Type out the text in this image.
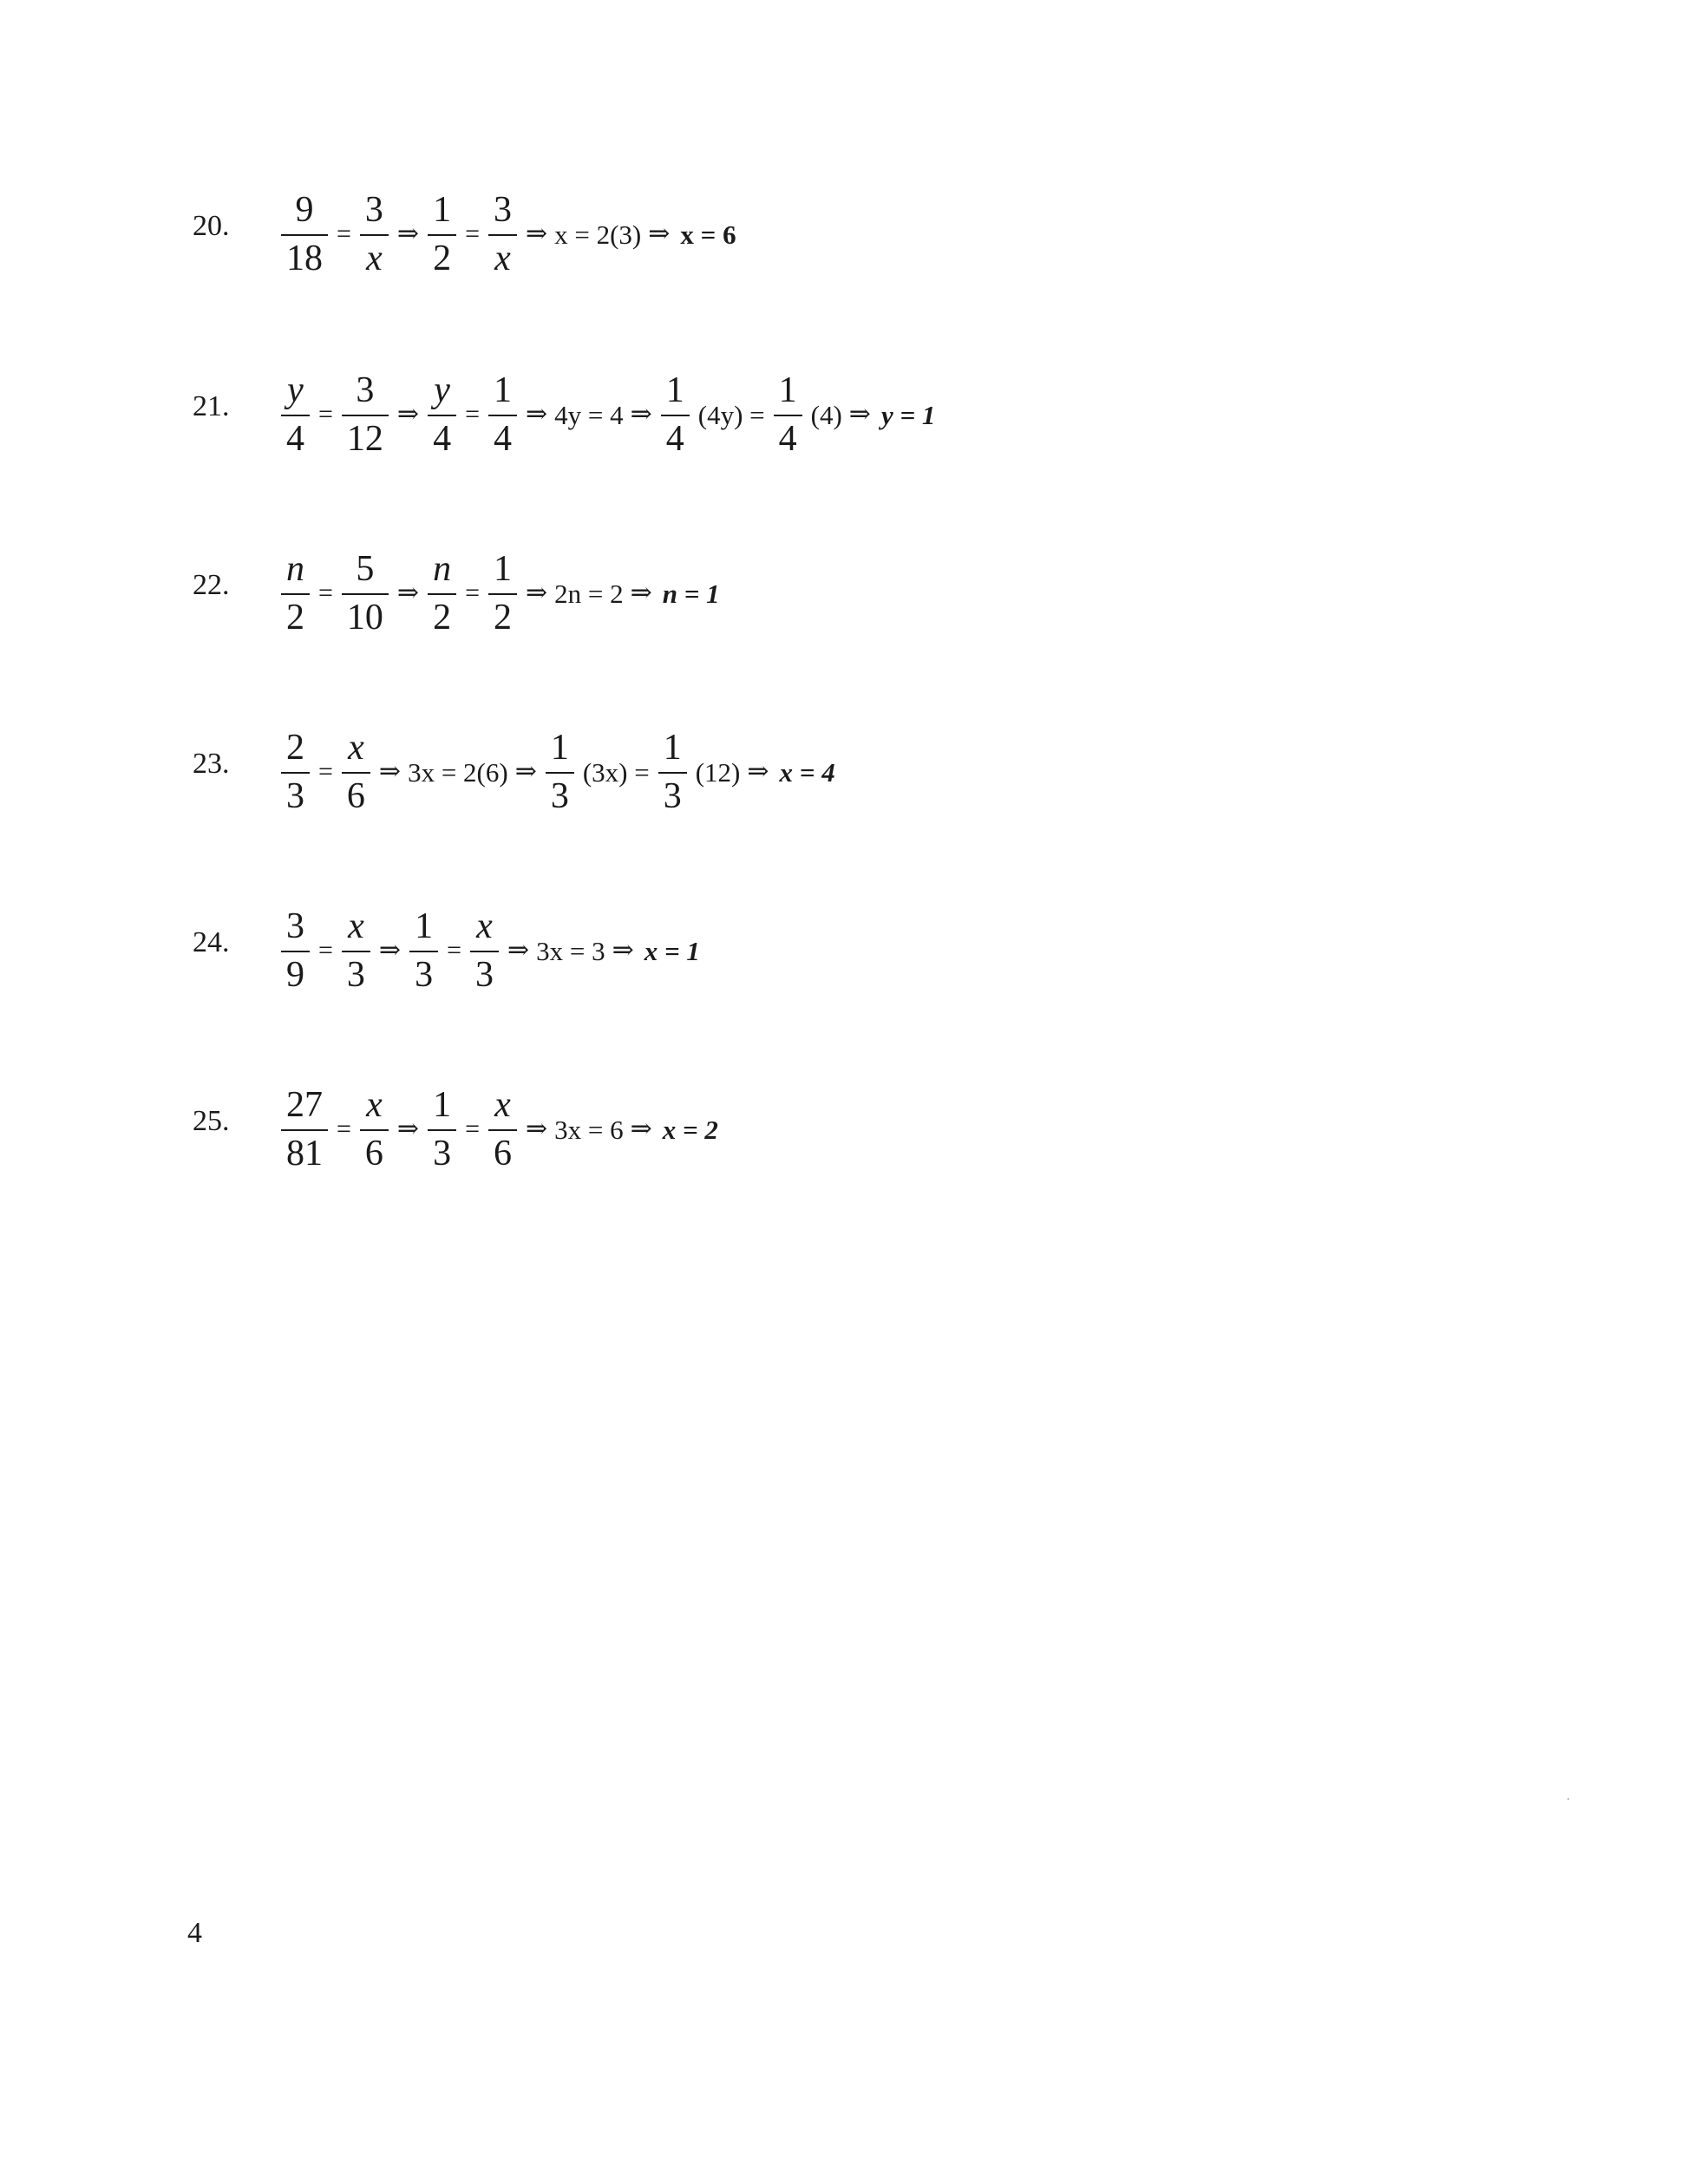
20. $\frac{9}{18} = \frac{3}{x}$ ⇒ $\frac{1}{2} = \frac{3}{x}$ ⇒ x = 2(3) ⇒ x = 6
21. $\frac{y}{4} = \frac{3}{12}$ ⇒ $\frac{y}{4} = \frac{1}{4}$ ⇒ 4y = 4 ⇒ $\frac{1}{4} (4y) = \frac{1}{4} (4)$ ⇒ y = 1
22. $\frac{n}{2} = \frac{5}{10}$ ⇒ $\frac{n}{2} = \frac{1}{2}$ ⇒ 2n = 2 ⇒ n = 1
23. $\frac{2}{3} = \frac{x}{6}$ ⇒ 3x = 2(6) ⇒ $\frac{1}{3} (3x) = \frac{1}{3} (12)$ ⇒ x = 4
24. $\frac{3}{9} = \frac{x}{3}$ ⇒ $\frac{1}{3} = \frac{x}{3}$ ⇒ 3x = 3 ⇒ x = 1
25. $\frac{27}{81} = \frac{x}{6}$ ⇒ $\frac{1}{3} = \frac{x}{6}$ ⇒ 3x = 6 ⇒ x = 2
4
